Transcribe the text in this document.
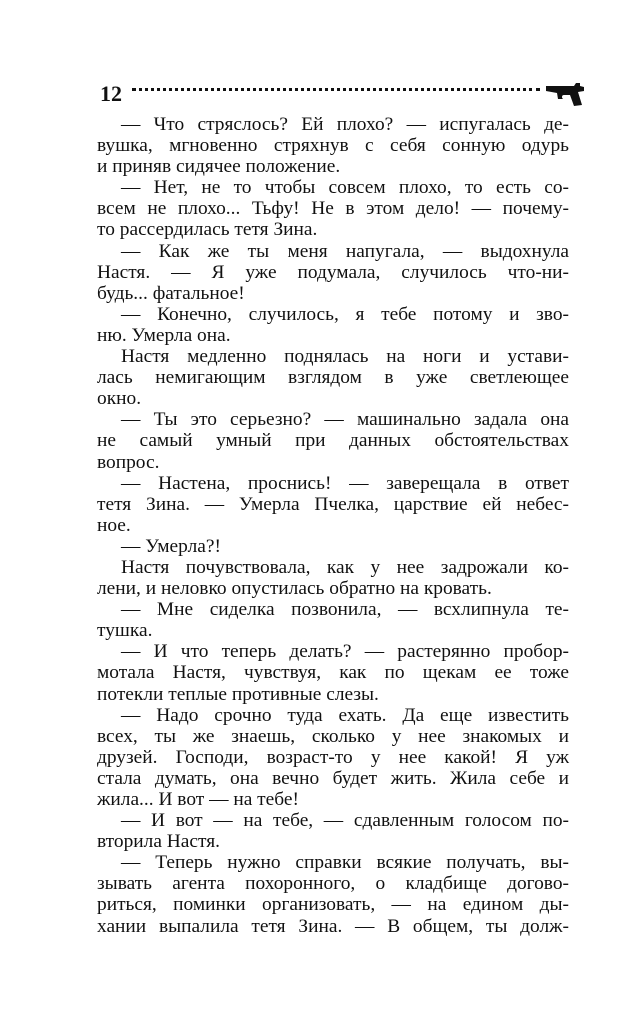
12
— Что стряслось? Ей плохо? — испугалась де-
вушка, мгновенно стряхнув с себя сонную одурь
и приняв сидячее положение.
— Нет, не то чтобы совсем плохо, то есть со-
всем не плохо... Тьфу! Не в этом дело! — почему-
то рассердилась тетя Зина.
— Как же ты меня напугала, — выдохнула
Настя. — Я уже подумала, случилось что-ни-
будь... фатальное!
— Конечно, случилось, я тебе потому и зво-
ню. Умерла она.
Настя медленно поднялась на ноги и устави-
лась немигающим взглядом в уже светлеющее
окно.
— Ты это серьезно? — машинально задала она
не самый умный при данных обстоятельствах
вопрос.
— Настена, проснись! — заверещала в ответ
тетя Зина. — Умерла Пчелка, царствие ей небес-
ное.
— Умерла?!
Настя почувствовала, как у нее задрожали ко-
лени, и неловко опустилась обратно на кровать.
— Мне сиделка позвонила, — всхлипнула те-
тушка.
— И что теперь делать? — растерянно пробор-
мотала Настя, чувствуя, как по щекам ее тоже
потекли теплые противные слезы.
— Надо срочно туда ехать. Да еще известить
всех, ты же знаешь, сколько у нее знакомых и
друзей. Господи, возраст-то у нее какой! Я уж
стала думать, она вечно будет жить. Жила себе и
жила... И вот — на тебе!
— И вот — на тебе, — сдавленным голосом по-
вторила Настя.
— Теперь нужно справки всякие получать, вы-
зывать агента похоронного, о кладбище догово-
риться, поминки организовать, — на едином ды-
хании выпалила тетя Зина. — В общем, ты долж-
